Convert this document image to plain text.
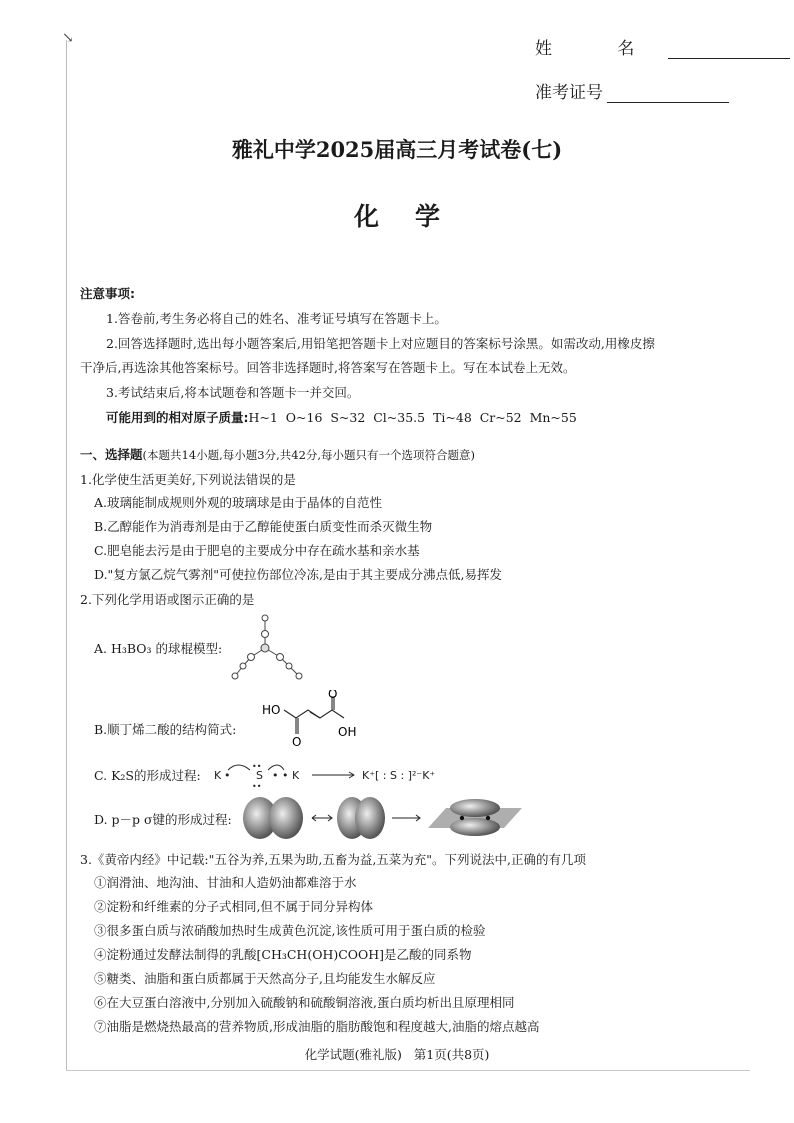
↘
姓 名
准考证号
雅礼中学2025届高三月考试卷(七)
化学
注意事项:
1.答卷前,考生务必将自己的姓名、准考证号填写在答题卡上。
2.回答选择题时,选出每小题答案后,用铅笔把答题卡上对应题目的答案标号涂黑。如需改动,用橡皮擦
干净后,再选涂其他答案标号。回答非选择题时,将答案写在答题卡上。写在本试卷上无效。
3.考试结束后,将本试题卷和答题卡一并交回。
可能用到的相对原子质量:H~1  O~16  S~32  Cl~35.5  Ti~48  Cr~52  Mn~55
一、选择题(本题共14小题,每小题3分,共42分,每小题只有一个选项符合题意)
1.化学使生活更美好,下列说法错误的是
A.玻璃能制成规则外观的玻璃球是由于晶体的自范性
B.乙醇能作为消毒剂是由于乙醇能使蛋白质变性而杀灭微生物
C.肥皂能去污是由于肥皂的主要成分中存在疏水基和亲水基
D."复方氯乙烷气雾剂"可使拉伤部位冷冻,是由于其主要成分沸点低,易挥发
2.下列化学用语或图示正确的是
A. H₃BO₃ 的球棍模型:
B.顺丁烯二酸的结构简式:
HO
O
O
OH
C. K₂S的形成过程: K • S
••
••
• K
•	K⁺[ : S : ]²⁻K⁺
D. p－p σ键的形成过程:
3.《黄帝内经》中记载:"五谷为养,五果为助,五畜为益,五菜为充"。下列说法中,正确的有几项
①润滑油、地沟油、甘油和人造奶油都难溶于水
②淀粉和纤维素的分子式相同,但不属于同分异构体
③很多蛋白质与浓硝酸加热时生成黄色沉淀,该性质可用于蛋白质的检验
④淀粉通过发酵法制得的乳酸[CH₃CH(OH)COOH]是乙酸的同系物
⑤糖类、油脂和蛋白质都属于天然高分子,且均能发生水解反应
⑥在大豆蛋白溶液中,分别加入硫酸钠和硫酸铜溶液,蛋白质均析出且原理相同
⑦油脂是燃烧热最高的营养物质,形成油脂的脂肪酸饱和程度越大,油脂的熔点越高
化学试题(雅礼版)   第1页(共8页)
